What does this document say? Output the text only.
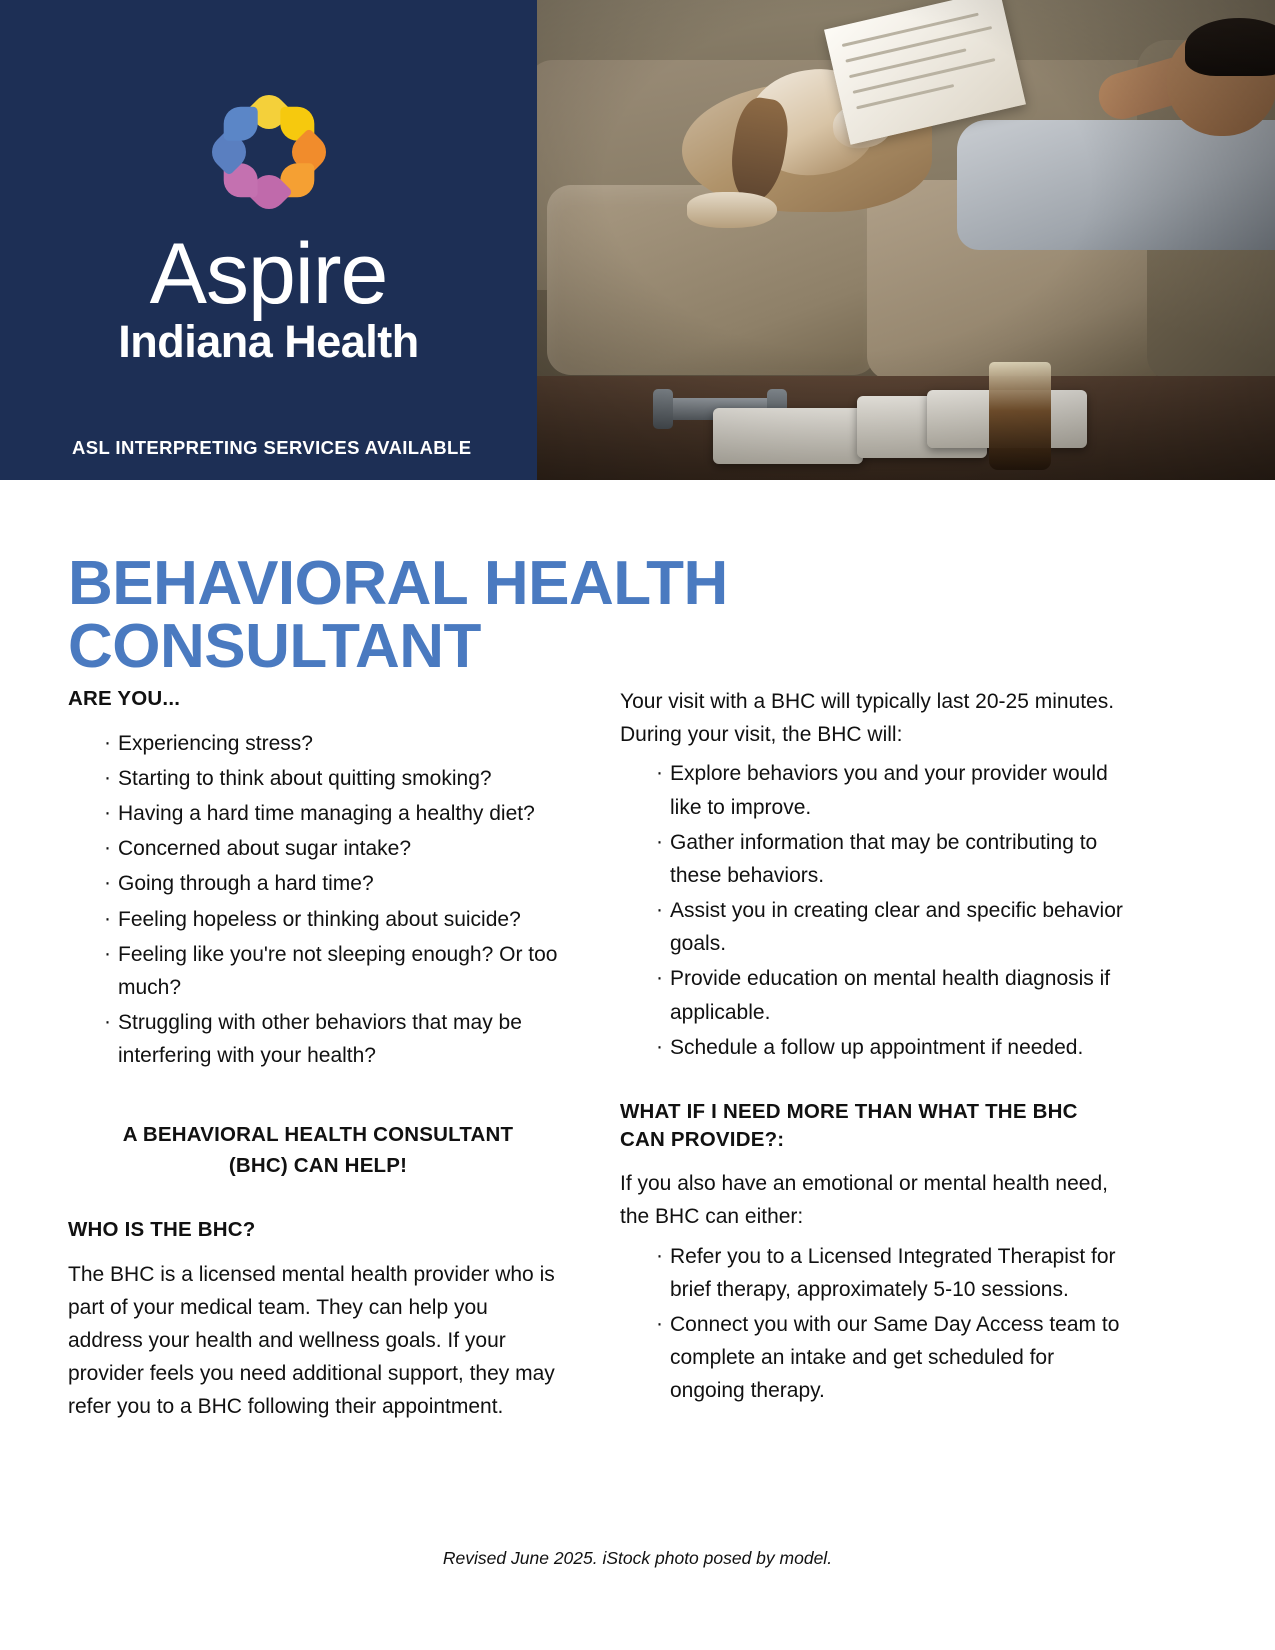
Aspire
Indiana Health
ASL INTERPRETING SERVICES AVAILABLE
BEHAVIORAL HEALTH
CONSULTANT
ARE YOU...
· Experiencing stress?
· Starting to think about quitting smoking?
· Having a hard time managing a healthy diet?
· Concerned about sugar intake?
· Going through a hard time?
· Feeling hopeless or thinking about suicide?
· Feeling like you're not sleeping enough? Or too much?
· Struggling with other behaviors that may be interfering with your health?
A BEHAVIORAL HEALTH CONSULTANT
(BHC) CAN HELP!
WHO IS THE BHC?

The BHC is a licensed mental health provider who is part of your medical team. They can help you address your health and wellness goals. If your provider feels you need additional support, they may refer you to a BHC following their appointment.

Your visit with a BHC will typically last 20-25 minutes. During your visit, the BHC will:

· Explore behaviors you and your provider would like to improve.
· Gather information that may be contributing to these behaviors.
· Assist you in creating clear and specific behavior goals.
· Provide education on mental health diagnosis if applicable.
· Schedule a follow up appointment if needed.
WHAT IF I NEED MORE THAN WHAT THE BHC CAN PROVIDE?:

If you also have an emotional or mental health need, the BHC can either:

· Refer you to a Licensed Integrated Therapist for brief therapy, approximately 5-10 sessions.
· Connect you with our Same Day Access team to complete an intake and get scheduled for ongoing therapy.
Revised June 2025. iStock photo posed by model.
